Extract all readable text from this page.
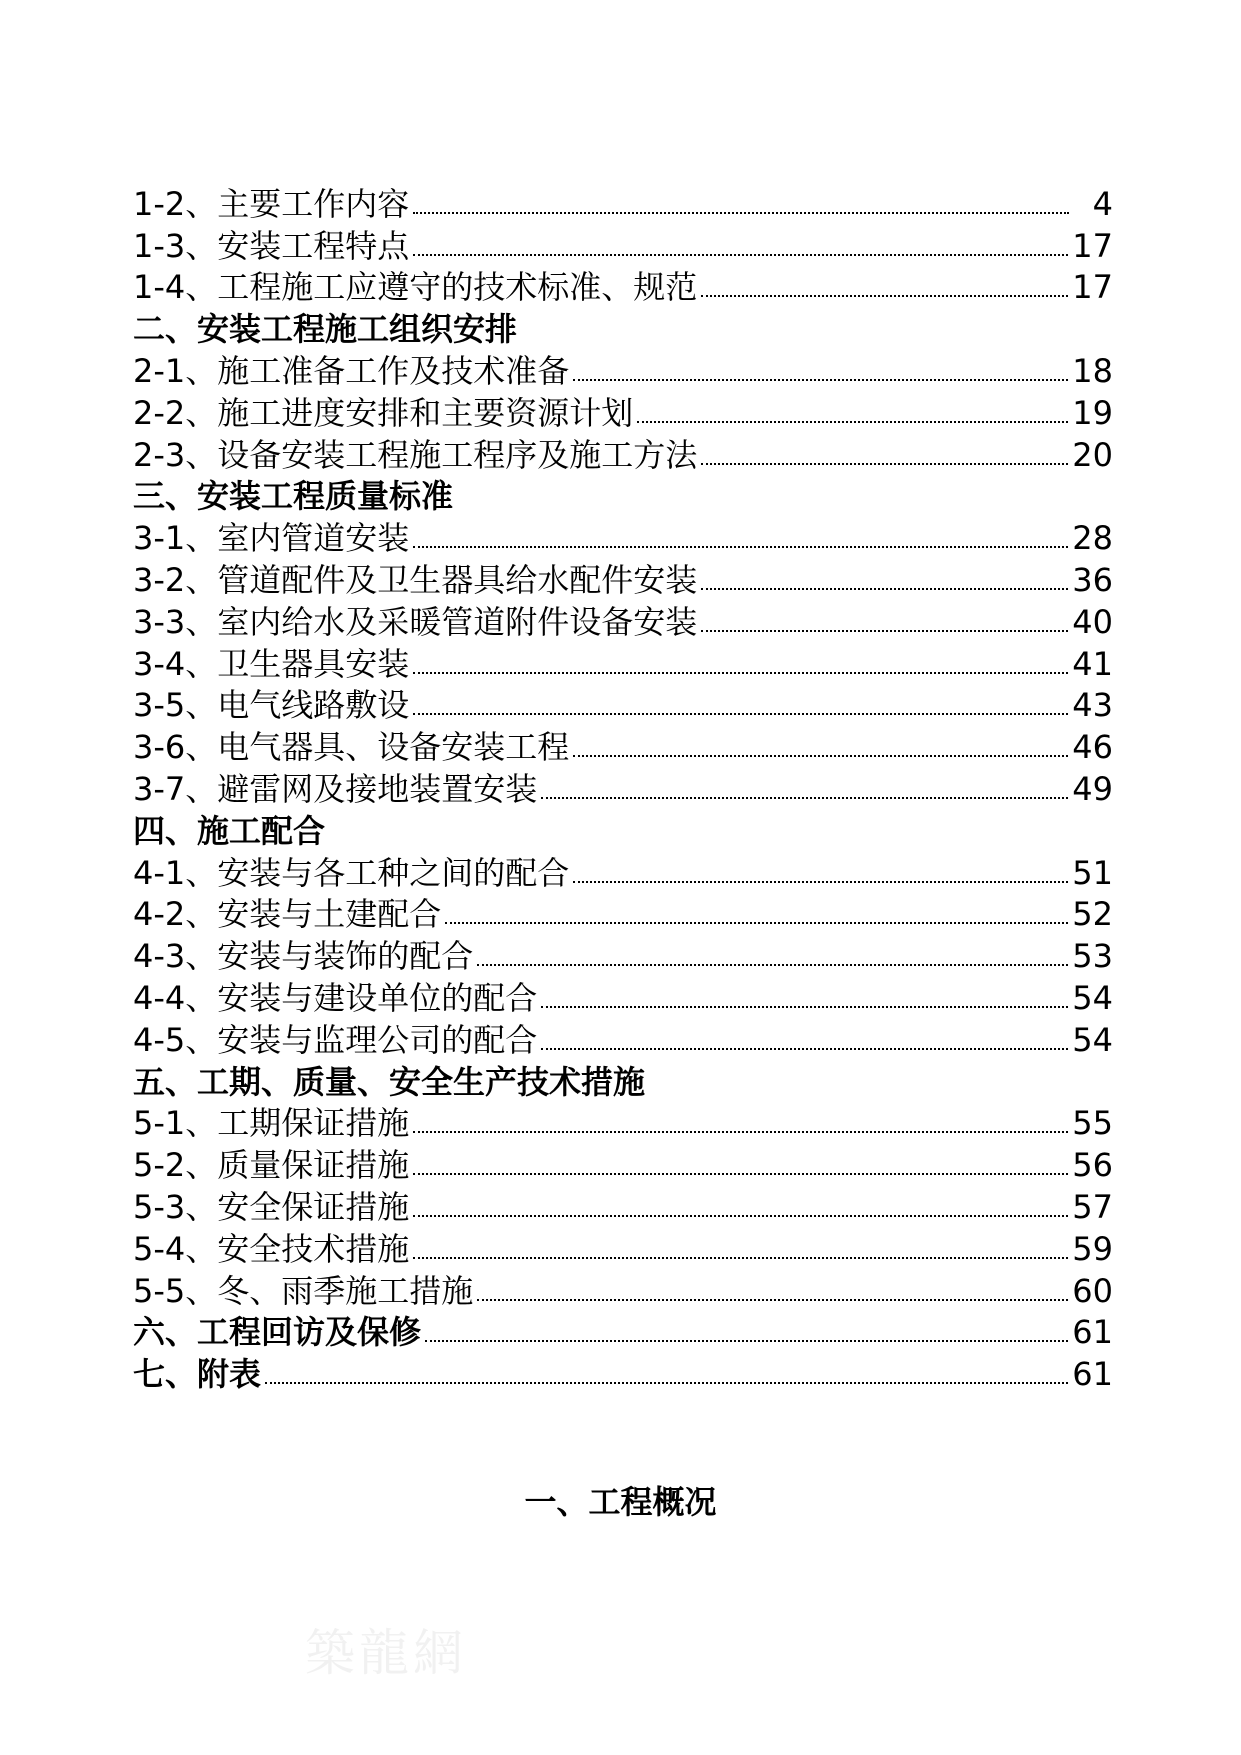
1-2、主要工作内容	4
1-3、安装工程特点	17
1-4、工程施工应遵守的技术标准、规范	17
二、安装工程施工组织安排
2-1、施工准备工作及技术准备	18
2-2、施工进度安排和主要资源计划	19
2-3、设备安装工程施工程序及施工方法	20
三、安装工程质量标准
3-1、室内管道安装	28
3-2、管道配件及卫生器具给水配件安装	36
3-3、室内给水及采暖管道附件设备安装	40
3-4、卫生器具安装	41
3-5、电气线路敷设	43
3-6、电气器具、设备安装工程	46
3-7、避雷网及接地装置安装	49
四、施工配合
4-1、安装与各工种之间的配合	51
4-2、安装与土建配合	52
4-3、安装与装饰的配合	53
4-4、安装与建设单位的配合	54
4-5、安装与监理公司的配合	54
五、工期、质量、安全生产技术措施
5-1、工期保证措施	55
5-2、质量保证措施	56
5-3、安全保证措施	57
5-4、安全技术措施	59
5-5、冬、雨季施工措施	60
六、工程回访及保修	61
七、附表	61
一、工程概况
築龍網
